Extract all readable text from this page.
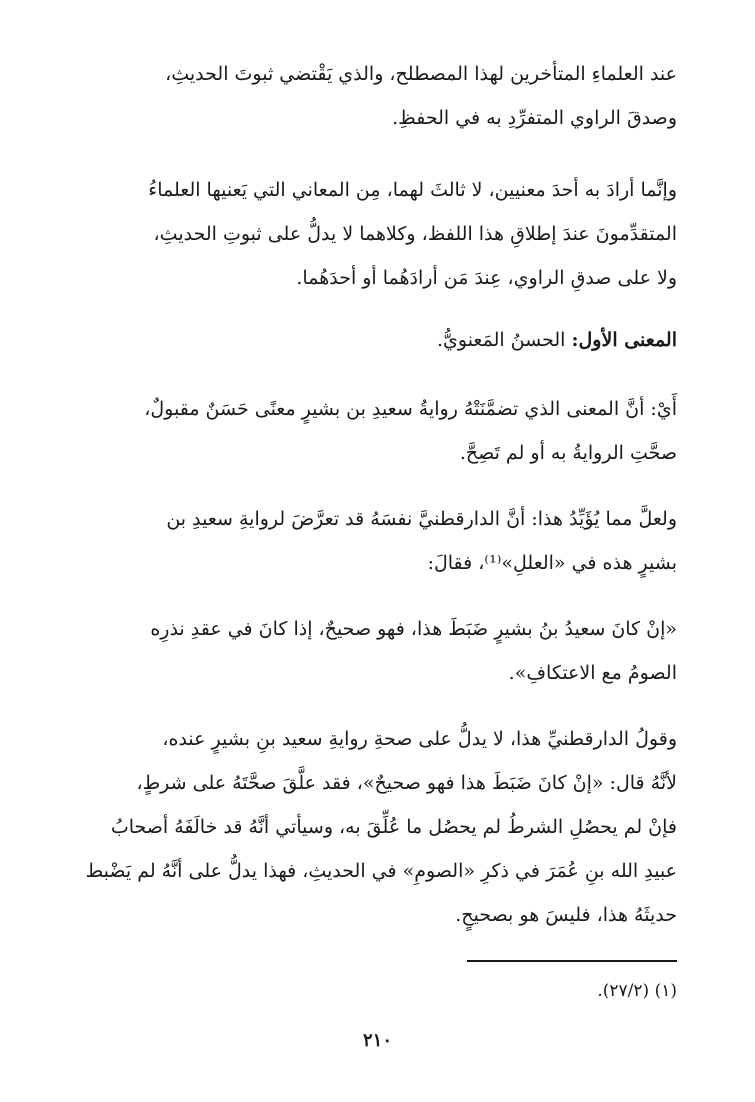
عند العلماءِ المتأخرين لهذا المصطلح، والذي يَقْتضي ثبوتَ الحديثِ،
وصدقَ الراوي المتفرِّدِ به في الحفظِ.
وإنَّما أرادَ به أحدَ معنيين، لا ثالثَ لهما، مِن المعاني التي يَعنيها العلماءُ
المتقدِّمونَ عندَ إطلاقِ هذا اللفظ، وكلاهما لا يدلُّ على ثبوتِ الحديثِ،
ولا على صدقِ الراوي، عِندَ مَن أرادَهُما أو أحدَهُما.
المعنى الأول: الحسنُ المَعنويُّ.
أَيْ: أنَّ المعنى الذي تضمَّنَتْهُ روايةُ سعيدِ بن بشيرٍ معنًى حَسَنٌ مقبولٌ،
صحَّتِ الروايةُ به أو لم تَصِحَّ.
ولعلَّ مما يُؤَيِّدُ هذا: أنَّ الدارقطنيَّ نفسَهُ قد تعرَّضَ لروايةِ سعيدِ بن
بشيرٍ هذه في «العللِ»⁽¹⁾، فقالَ:
«إنْ كانَ سعيدُ بنُ بشيرٍ ضَبَطَ هذا، فهو صحيحٌ، إذا كانَ في عقدِ نذرِه
الصومُ مع الاعتكافِ».
وقولُ الدارقطنيِّ هذا، لا يدلُّ على صحةِ روايةِ سعيد بنِ بشيرٍ عنده،
لأنَّهُ قال: «إنْ كانَ ضَبَطَ هذا فهو صحيحٌ»، فقد علَّقَ صحَّتَهُ على شرطٍ،
فإنْ لم يحصُلِ الشرطُ لم يحصُل ما عُلِّقَ به، وسيأتي أنَّهُ قد خالَفَهُ أصحابُ
عبيدِ الله بنِ عُمَرَ في ذكرِ «الصومِ» في الحديثِ، فهذا يدلُّ على أنَّهُ لم يَضْبط
حديثَهُ هذا، فليسَ هو بصحيحٍ.
(١) (٢٧/٢).
٢١٠
